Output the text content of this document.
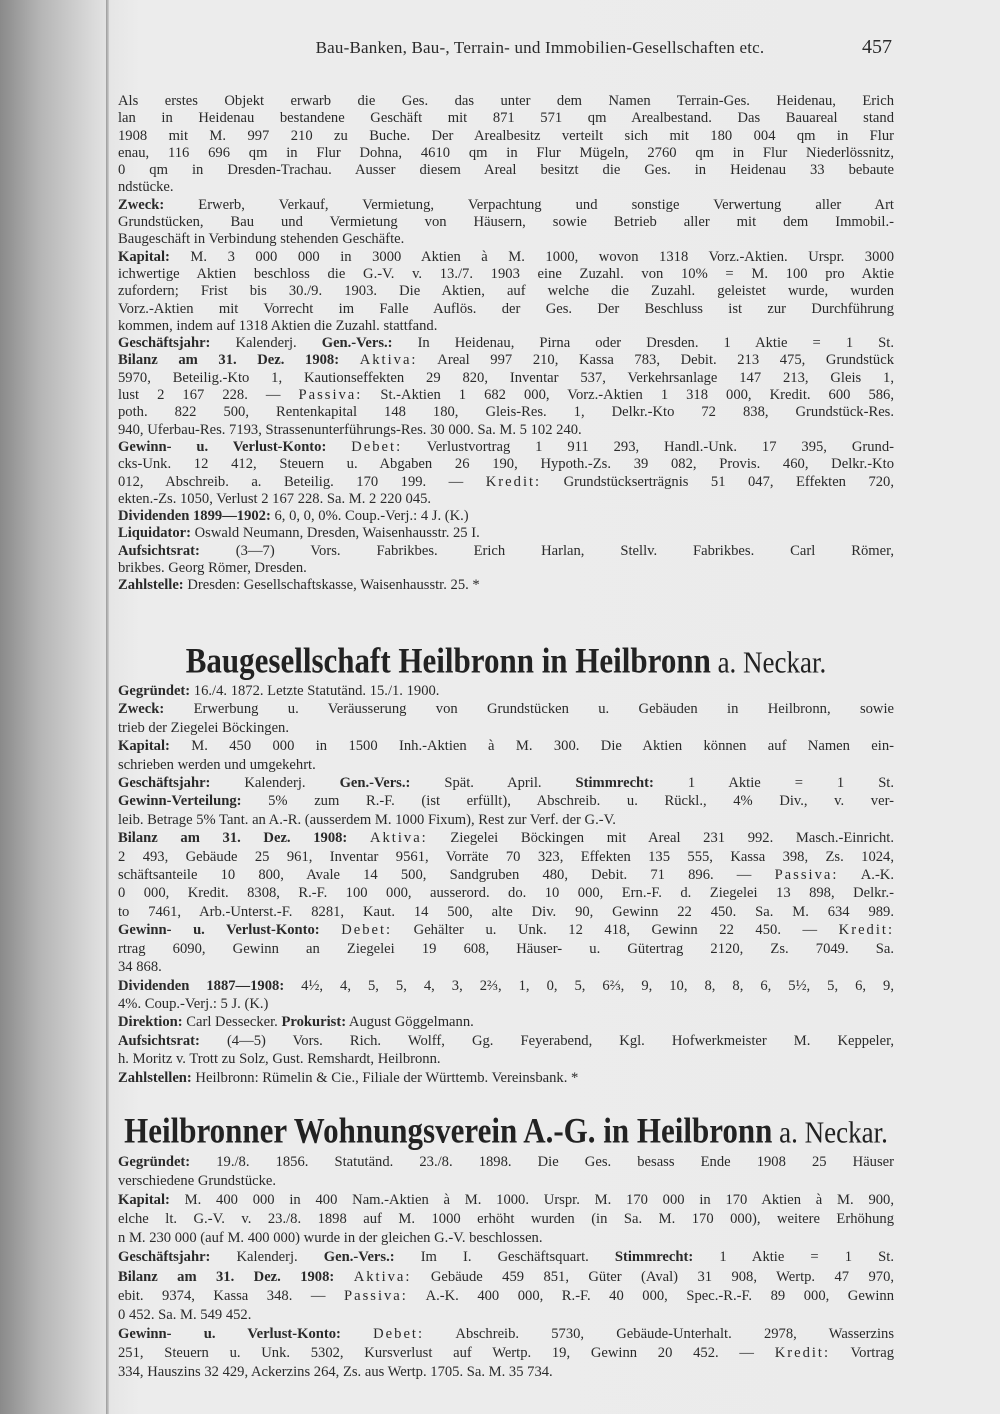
Bau-Banken, Bau-, Terrain- und Immobilien-Gesellschaften etc.	457
Als erstes Objekt erwarb die Ges. das unter dem Namen Terrain-Ges. Heidenau, Erich
lan in Heidenau bestandene Geschäft mit 871 571 qm Arealbestand. Das Bauareal stand
1908 mit M. 997 210 zu Buche. Der Arealbesitz verteilt sich mit 180 004 qm in Flur
enau, 116 696 qm in Flur Dohna, 4610 qm in Flur Mügeln, 2760 qm in Flur Niederlössnitz,
0 qm in Dresden-Trachau. Ausser diesem Areal besitzt die Ges. in Heidenau 33 bebaute
ndstücke.
Zweck: Erwerb, Verkauf, Vermietung, Verpachtung und sonstige Verwertung aller Art
Grundstücken, Bau und Vermietung von Häusern, sowie Betrieb aller mit dem Immobil.-
Baugeschäft in Verbindung stehenden Geschäfte.
Kapital: M. 3 000 000 in 3000 Aktien à M. 1000, wovon 1318 Vorz.-Aktien. Urspr. 3000
ichwertige Aktien beschloss die G.-V. v. 13./7. 1903 eine Zuzahl. von 10% = M. 100 pro Aktie
zufordern; Frist bis 30./9. 1903. Die Aktien, auf welche die Zuzahl. geleistet wurde, wurden
Vorz.-Aktien mit Vorrecht im Falle Auflös. der Ges. Der Beschluss ist zur Durchführung
kommen, indem auf 1318 Aktien die Zuzahl. stattfand.
Geschäftsjahr: Kalenderj. Gen.-Vers.: In Heidenau, Pirna oder Dresden. 1 Aktie = 1 St.
Bilanz am 31. Dez. 1908: Aktiva: Areal 997 210, Kassa 783, Debit. 213 475, Grundstück
5970, Beteilig.-Kto 1, Kautionseffekten 29 820, Inventar 537, Verkehrsanlage 147 213, Gleis 1,
lust 2 167 228. — Passiva: St.-Aktien 1 682 000, Vorz.-Aktien 1 318 000, Kredit. 600 586,
poth. 822 500, Rentenkapital 148 180, Gleis-Res. 1, Delkr.-Kto 72 838, Grundstück-Res.
940, Uferbau-Res. 7193, Strassenunterführungs-Res. 30 000. Sa. M. 5 102 240.
Gewinn- u. Verlust-Konto: Debet: Verlustvortrag 1 911 293, Handl.-Unk. 17 395, Grund-
cks-Unk. 12 412, Steuern u. Abgaben 26 190, Hypoth.-Zs. 39 082, Provis. 460, Delkr.-Kto
012, Abschreib. a. Beteilig. 170 199. — Kredit: Grundstückserträgnis 51 047, Effekten 720,
ekten.-Zs. 1050, Verlust 2 167 228. Sa. M. 2 220 045.
Dividenden 1899—1902: 6, 0, 0, 0%. Coup.-Verj.: 4 J. (K.)
Liquidator: Oswald Neumann, Dresden, Waisenhausstr. 25 I.
Aufsichtsrat: (3—7) Vors. Fabrikbes. Erich Harlan, Stellv. Fabrikbes. Carl Römer,
brikbes. Georg Römer, Dresden.
Zahlstelle: Dresden: Gesellschaftskasse, Waisenhausstr. 25. *
Baugesellschaft Heilbronn in Heilbronn a. Neckar.
Gegründet: 16./4. 1872. Letzte Statutänd. 15./1. 1900.
Zweck: Erwerbung u. Veräusserung von Grundstücken u. Gebäuden in Heilbronn, sowie
trieb der Ziegelei Böckingen.
Kapital: M. 450 000 in 1500 Inh.-Aktien à M. 300. Die Aktien können auf Namen ein-
schrieben werden und umgekehrt.
Geschäftsjahr: Kalenderj. Gen.-Vers.: Spät. April. Stimmrecht: 1 Aktie = 1 St.
Gewinn-Verteilung: 5% zum R.-F. (ist erfüllt), Abschreib. u. Rückl., 4% Div., v. ver-
leib. Betrage 5% Tant. an A.-R. (ausserdem M. 1000 Fixum), Rest zur Verf. der G.-V.
Bilanz am 31. Dez. 1908: Aktiva: Ziegelei Böckingen mit Areal 231 992. Masch.-Einricht.
2 493, Gebäude 25 961, Inventar 9561, Vorräte 70 323, Effekten 135 555, Kassa 398, Zs. 1024,
schäftsanteile 10 800, Avale 14 500, Sandgruben 480, Debit. 71 896. — Passiva: A.-K.
0 000, Kredit. 8308, R.-F. 100 000, ausserord. do. 10 000, Ern.-F. d. Ziegelei 13 898, Delkr.-
to 7461, Arb.-Unterst.-F. 8281, Kaut. 14 500, alte Div. 90, Gewinn 22 450. Sa. M. 634 989.
Gewinn- u. Verlust-Konto: Debet: Gehälter u. Unk. 12 418, Gewinn 22 450. — Kredit:
rtrag 6090, Gewinn an Ziegelei 19 608, Häuser- u. Gütertrag 2120, Zs. 7049. Sa.
34 868.
Dividenden 1887—1908: 4½, 4, 5, 5, 4, 3, 2⅔, 1, 0, 5, 6⅔, 9, 10, 8, 8, 6, 5½, 5, 6, 9,
4%. Coup.-Verj.: 5 J. (K.)
Direktion: Carl Dessecker. Prokurist: August Göggelmann.
Aufsichtsrat: (4—5) Vors. Rich. Wolff, Gg. Feyerabend, Kgl. Hofwerkmeister M. Keppeler,
h. Moritz v. Trott zu Solz, Gust. Remshardt, Heilbronn.
Zahlstellen: Heilbronn: Rümelin & Cie., Filiale der Württemb. Vereinsbank. *
Heilbronner Wohnungsverein A.-G. in Heilbronn a. Neckar.
Gegründet: 19./8. 1856. Statutänd. 23./8. 1898. Die Ges. besass Ende 1908 25 Häuser
verschiedene Grundstücke.
Kapital: M. 400 000 in 400 Nam.-Aktien à M. 1000. Urspr. M. 170 000 in 170 Aktien à M. 900,
elche lt. G.-V. v. 23./8. 1898 auf M. 1000 erhöht wurden (in Sa. M. 170 000), weitere Erhöhung
n M. 230 000 (auf M. 400 000) wurde in der gleichen G.-V. beschlossen.
Geschäftsjahr: Kalenderj. Gen.-Vers.: Im I. Geschäftsquart. Stimmrecht: 1 Aktie = 1 St.
Bilanz am 31. Dez. 1908: Aktiva: Gebäude 459 851, Güter (Aval) 31 908, Wertp. 47 970,
ebit. 9374, Kassa 348. — Passiva: A.-K. 400 000, R.-F. 40 000, Spec.-R.-F. 89 000, Gewinn
0 452. Sa. M. 549 452.
Gewinn- u. Verlust-Konto: Debet: Abschreib. 5730, Gebäude-Unterhalt. 2978, Wasserzins
251, Steuern u. Unk. 5302, Kursverlust auf Wertp. 19, Gewinn 20 452. — Kredit: Vortrag
334, Hauszins 32 429, Ackerzins 264, Zs. aus Wertp. 1705. Sa. M. 35 734.
